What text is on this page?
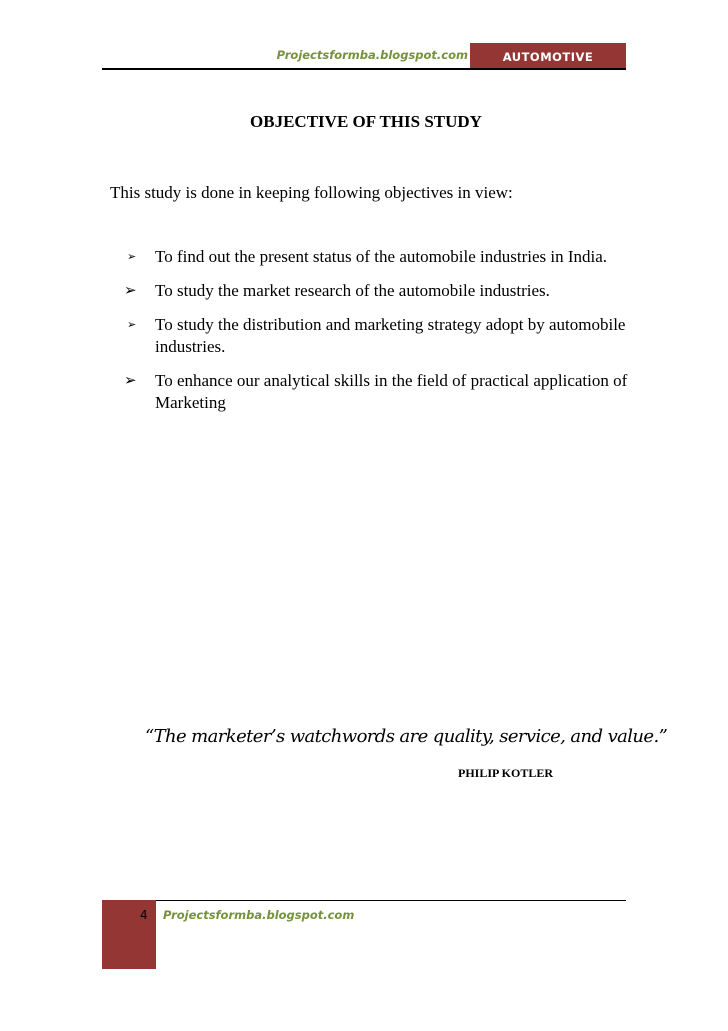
Projectsformba.blogspot.com	AUTOMOTIVE
OBJECTIVE OF THIS STUDY
This study is done in keeping following objectives in view:
➢ To find out the present status of the automobile industries in India.
➢ To study the market research of the automobile industries.
➢ To study the distribution and marketing strategy adopt by automobile industries.
➢ To enhance our analytical skills in the field of practical application of Marketing
“The marketer’s watchwords are quality, service, and value.”
PHILIP KOTLER
4 Projectsformba.blogspot.com
